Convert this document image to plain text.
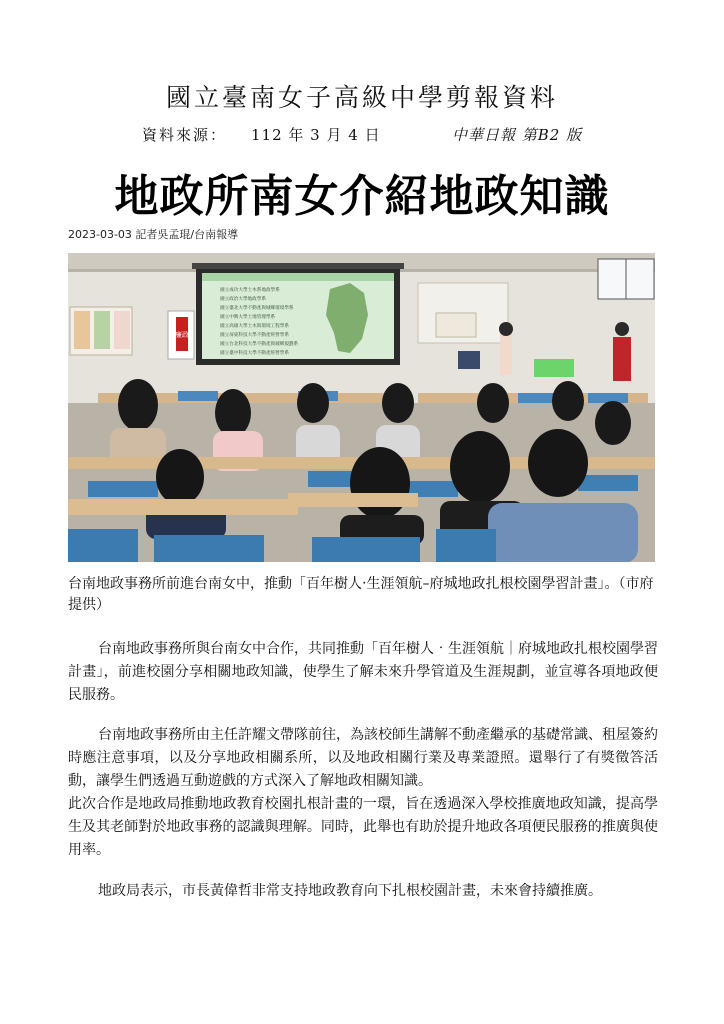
國立臺南女子高級中學剪報資料
資料來源： 112 年 3 月 4 日	中華日報 第B2 版
地政所南女介紹地政知識
2023-03-03 記者吳孟琨/台南報導
廉政
國立成功大學土木系地政學系
國立政治大學地政學系
國立臺北大學不動產與城鄉環境學系
國立中興大學土地管理學系
國立高雄大學土木與環境工程學系
國立屏東科技大學不動產經營學系
國立台北科技大學不動產與城鄉規劃系
國立臺中科技大學不動產經營學系
台南地政事務所前進台南女中，推動「百年樹人‧生涯領航–府城地政扎根校園學習計畫」。（市府提供）

台南地政事務所與台南女中合作，共同推動「百年樹人‧生涯領航｜府城地政扎根校園學習計畫」，前進校園分享相關地政知識，使學生了解未來升學管道及生涯規劃，並宣導各項地政便民服務。

台南地政事務所由主任許耀文帶隊前往，為該校師生講解不動產繼承的基礎常識、租屋簽約時應注意事項，以及分享地政相關系所，以及地政相關行業及專業證照。還舉行了有獎徵答活動，讓學生們透過互動遊戲的方式深入了解地政相關知識。

此次合作是地政局推動地政教育校園扎根計畫的一環，旨在透過深入學校推廣地政知識，提高學生及其老師對於地政事務的認識與理解。同時，此舉也有助於提升地政各項便民服務的推廣與使用率。

地政局表示，市長黃偉哲非常支持地政教育向下扎根校園計畫，未來會持續推廣。
